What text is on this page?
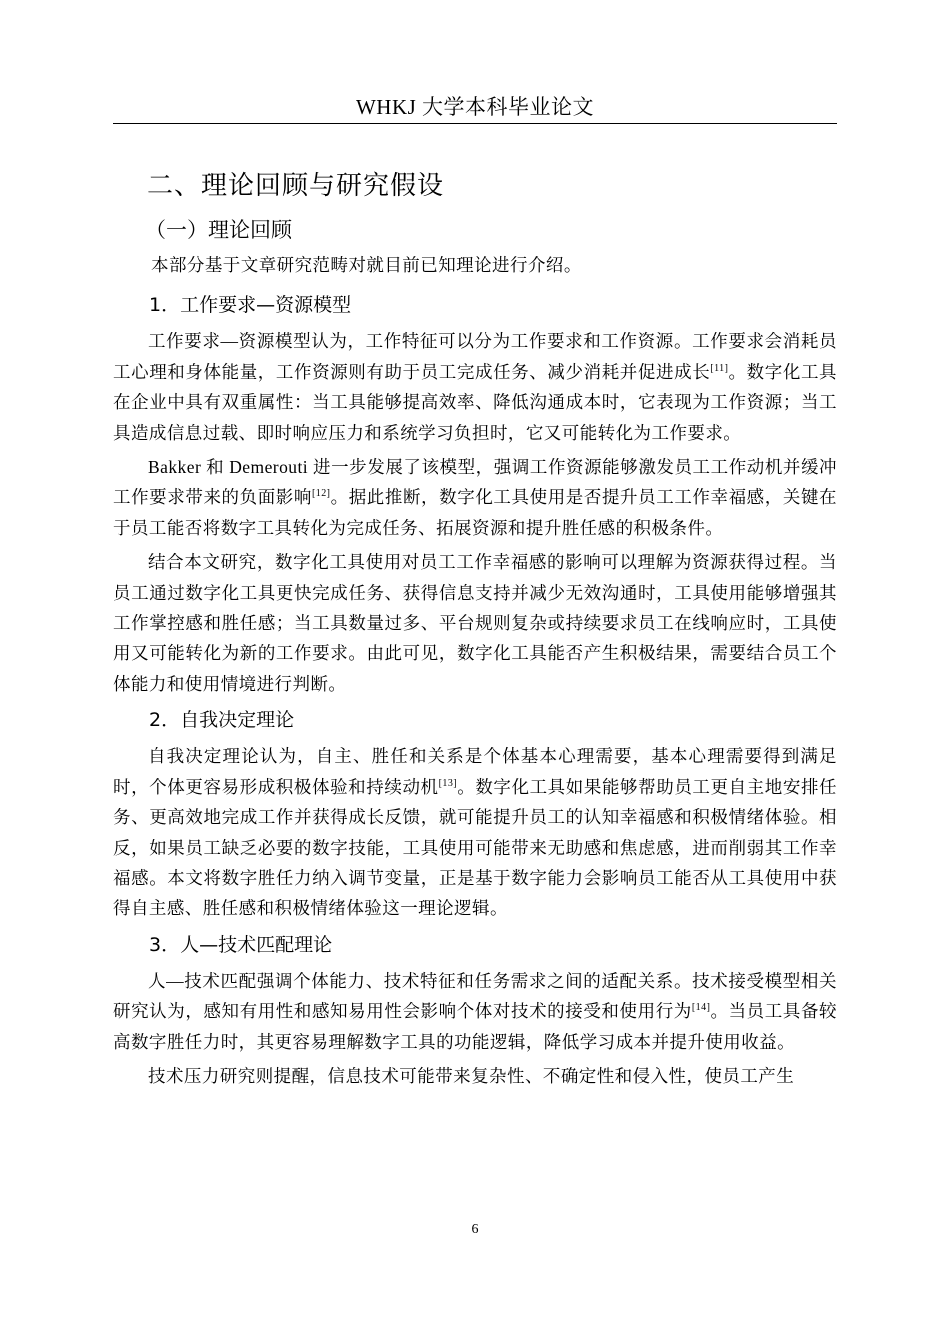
WHKJ 大学本科毕业论文
二、理论回顾与研究假设
（一）理论回顾

本部分基于文章研究范畴对就目前已知理论进行介绍。

1．工作要求—资源模型

工作要求—资源模型认为，工作特征可以分为工作要求和工作资源。工作要求会消耗员工心理和身体能量，工作资源则有助于员工完成任务、减少消耗并促进成长[11]。数字化工具在企业中具有双重属性：当工具能够提高效率、降低沟通成本时，它表现为工作资源；当工具造成信息过载、即时响应压力和系统学习负担时，它又可能转化为工作要求。

Bakker 和 Demerouti 进一步发展了该模型，强调工作资源能够激发员工工作动机并缓冲工作要求带来的负面影响[12]。据此推断，数字化工具使用是否提升员工工作幸福感，关键在于员工能否将数字工具转化为完成任务、拓展资源和提升胜任感的积极条件。

结合本文研究，数字化工具使用对员工工作幸福感的影响可以理解为资源获得过程。当员工通过数字化工具更快完成任务、获得信息支持并减少无效沟通时，工具使用能够增强其工作掌控感和胜任感；当工具数量过多、平台规则复杂或持续要求员工在线响应时，工具使用又可能转化为新的工作要求。由此可见，数字化工具能否产生积极结果，需要结合员工个体能力和使用情境进行判断。

2．自我决定理论

自我决定理论认为，自主、胜任和关系是个体基本心理需要，基本心理需要得到满足时，个体更容易形成积极体验和持续动机[13]。数字化工具如果能够帮助员工更自主地安排任务、更高效地完成工作并获得成长反馈，就可能提升员工的认知幸福感和积极情绪体验。相反，如果员工缺乏必要的数字技能，工具使用可能带来无助感和焦虑感，进而削弱其工作幸福感。本文将数字胜任力纳入调节变量，正是基于数字能力会影响员工能否从工具使用中获得自主感、胜任感和积极情绪体验这一理论逻辑。

3．人—技术匹配理论

人—技术匹配强调个体能力、技术特征和任务需求之间的适配关系。技术接受模型相关研究认为，感知有用性和感知易用性会影响个体对技术的接受和使用行为[14]。当员工具备较高数字胜任力时，其更容易理解数字工具的功能逻辑，降低学习成本并提升使用收益。

技术压力研究则提醒，信息技术可能带来复杂性、不确定性和侵入性，使员工产生

6
